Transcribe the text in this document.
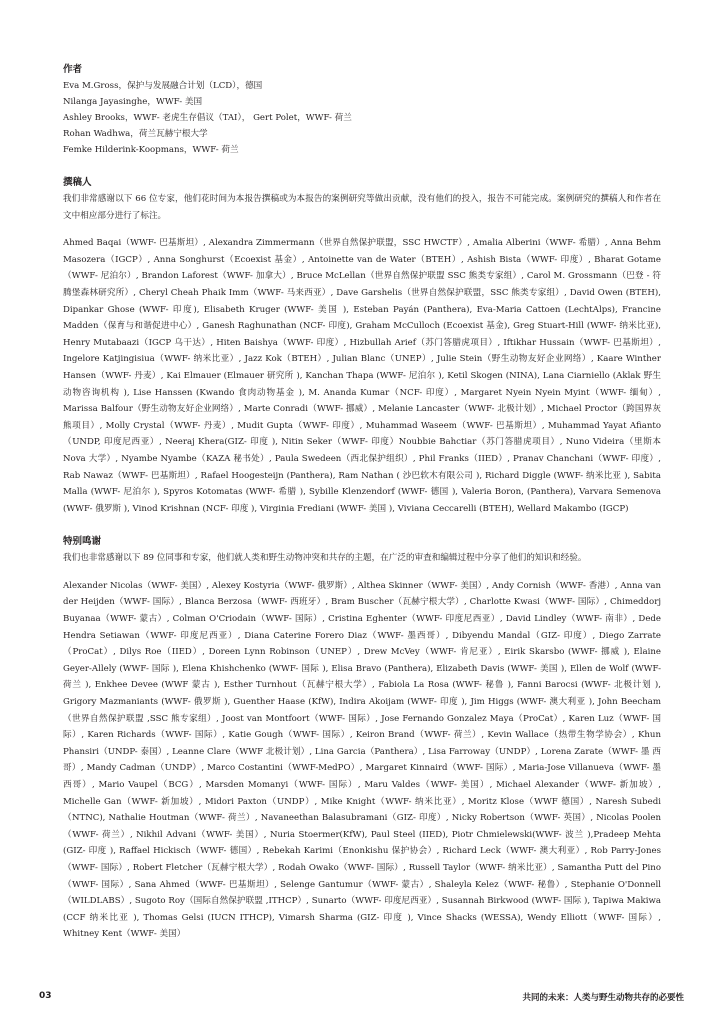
作者

Eva M.Gross，保护与发展融合计划（LCD），德国

Nilanga Jayasinghe，WWF- 美国

Ashley Brooks，WWF- 老虎生存倡议（TAI）， Gert Polet，WWF- 荷兰

Rohan Wadhwa，荷兰瓦赫宁根大学

Femke Hilderink-Koopmans，WWF- 荷兰

撰稿人

我们非常感谢以下 66 位专家，他们花时间为本报告撰稿或为本报告的案例研究等做出贡献，没有他们的投入，报告不可能完成。案例研究的撰稿人和作者在文中相应部分进行了标注。

Ahmed Baqai（WWF- 巴基斯坦）, Alexandra Zimmermann（世界自然保护联盟，SSC HWCTF）, Amalia Alberini（WWF- 希腊）, Anna Behm Masozera（IGCP）, Anna Songhurst（Ecoexist 基金）, Antoinette van de Water（BTEH）, Ashish Bista（WWF- 印度）, Bharat Gotame（WWF- 尼泊尔）, Brandon Laforest（WWF- 加拿大）, Bruce McLellan（世界自然保护联盟 SSC 熊类专家组）, Carol M. Grossmann（巴登 - 符腾堡森林研究所）, Cheryl Cheah Phaik Imm（WWF- 马来西亚）, Dave Garshelis（世界自然保护联盟，SSC 熊类专家组）, David Owen (BTEH), Dipankar Ghose (WWF- 印度), Elisabeth Kruger (WWF- 美国 ), Esteban Payán (Panthera), Eva-Maria Cattoen (LechtAlps), Francine Madden（保育与和谐促进中心）, Ganesh Raghunathan (NCF- 印度), Graham McCulloch (Ecoexist 基金), Greg Stuart-Hill (WWF- 纳米比亚), Henry Mutabaazi（IGCP 乌干达）, Hiten Baishya（WWF- 印度）, Hizbullah Arief（苏门答腊虎项目）, Iftikhar Hussain（WWF- 巴基斯坦）, Ingelore Katjingisiua（WWF- 纳米比亚）, Jazz Kok（BTEH）, Julian Blanc（UNEP）, Julie Stein（野生动物友好企业网络）, Kaare Winther Hansen（WWF- 丹麦）, Kai Elmauer (Elmauer 研究所 ), Kanchan Thapa (WWF- 尼泊尔 ), Ketil Skogen (NINA), Lana Ciarniello (Aklak 野生动物咨询机构 ), Lise Hanssen (Kwando 食肉动物基金 ), M. Ananda Kumar（NCF- 印度）, Margaret Nyein Nyein Myint（WWF- 缅甸）, Marissa Balfour（野生动物友好企业网络）, Marte Conradi（WWF- 挪威）, Melanie Lancaster（WWF- 北极计划）, Michael Proctor（跨国界灰熊项目）, Molly Crystal（WWF- 丹麦）, Mudit Gupta（WWF- 印度）, Muhammad Waseem（WWF- 巴基斯坦）, Muhammad Yayat Afianto（UNDP, 印度尼西亚）, Neeraj Khera(GIZ- 印度 ), Nitin Seker（WWF- 印度）Noubbie Bahctiar（苏门答腊虎项目）, Nuno Videira（里斯本 Nova 大学）, Nyambe Nyambe（KAZA 秘书处）, Paula Swedeen（西北保护组织）, Phil Franks（IIED）, Pranav Chanchani（WWF- 印度）, Rab Nawaz（WWF- 巴基斯坦）, Rafael Hoogesteijn (Panthera), Ram Nathan ( 沙巴软木有限公司 ), Richard Diggle (WWF- 纳米比亚 ), Sabita Malla (WWF- 尼泊尔 ), Spyros Kotomatas (WWF- 希腊 ), Sybille Klenzendorf (WWF- 德国 ), Valeria Boron, (Panthera), Varvara Semenova (WWF- 俄罗斯 ), Vinod Krishnan (NCF- 印度 ), Virginia Frediani (WWF- 美国 ), Viviana Ceccarelli (BTEH), Wellard Makambo (IGCP)

特别鸣谢

我们也非常感谢以下 89 位同事和专家，他们就人类和野生动物冲突和共存的主题，在广泛的审査和编辑过程中分享了他们的知识和经验。

Alexander Nicolas（WWF- 美国）, Alexey Kostyria（WWF- 俄罗斯）, Althea Skinner（WWF- 美国）, Andy Cornish（WWF- 香港）, Anna van der Heijden（WWF- 国际）, Blanca Berzosa（WWF- 西班牙）, Bram Buscher（瓦赫宁根大学）, Charlotte Kwasi（WWF- 国际）, Chimeddorj Buyanaa（WWF- 蒙古）, Colman O'Criodain（WWF- 国际）, Cristina Eghenter（WWF- 印度尼西亚）, David Lindley（WWF- 南非）, Dede Hendra Setiawan（WWF- 印度尼西亚）, Diana Caterine Forero Diaz（WWF- 墨西哥）, Dibyendu Mandal（GIZ- 印度）, Diego Zarrate（ProCat）, Dilys Roe（IIED）, Doreen Lynn Robinson（UNEP）, Drew McVey（WWF- 肯尼亚）, Eirik Skarsbo (WWF- 挪威 ), Elaine Geyer-Allely (WWF- 国际 ), Elena Khishchenko (WWF- 国际 ), Elisa Bravo (Panthera), Elizabeth Davis (WWF- 美国 ), Ellen de Wolf (WWF- 荷兰 ), Enkhee Devee (WWF 蒙古 ), Esther Turnhout（瓦赫宁根大学）, Fabiola La Rosa (WWF- 秘鲁 ), Fanni Barocsi (WWF- 北极计划 ), Grigory Mazmaniants (WWF- 俄罗斯 ), Guenther Haase (KfW), Indira Akoijam (WWF- 印度 ), Jim Higgs (WWF- 澳大利亚 ), John Beecham（世界自然保护联盟 ,SSC 熊专家组）, Joost van Montfoort（WWF- 国际）, Jose Fernando Gonzalez Maya（ProCat）, Karen Luz（WWF- 国际）, Karen Richards（WWF- 国际）, Katie Gough（WWF- 国际）, Keiron Brand（WWF- 荷兰）, Kevin Wallace（热带生物学协会）, Khun Phansiri（UNDP- 泰国）, Leanne Clare（WWF 北极计划）, Lina Garcia（Panthera）, Lisa Farroway（UNDP）, Lorena Zarate（WWF- 墨 西 哥）, Mandy Cadman（UNDP）, Marco Costantini（WWF-MedPO）, Margaret Kinnaird（WWF- 国际）, Maria-Jose Villanueva（WWF- 墨西哥）, Mario Vaupel（BCG）, Marsden Momanyi（WWF- 国际）, Maru Valdes（WWF- 美国）, Michael Alexander（WWF- 新加坡）, Michelle Gan（WWF- 新加坡）, Midori Paxton（UNDP）, Mike Knight（WWF- 纳米比亚）, Moritz Klose（WWF 德国）, Naresh Subedi（NTNC), Nathalie Houtman（WWF- 荷兰）, Navaneethan Balasubramani（GIZ- 印度）, Nicky Robertson（WWF- 英国）, Nicolas Poolen（WWF- 荷兰）, Nikhil Advani（WWF- 美国）, Nuria Stoermer(KfW), Paul Steel (IIED), Piotr Chmielewski(WWF- 波兰 ),Pradeep Mehta (GIZ- 印度 ), Raffael Hickisch（WWF- 德国）, Rebekah Karimi（Enonkishu 保护协会）, Richard Leck（WWF- 澳大利亚）, Rob Parry-Jones（WWF- 国际）, Robert Fletcher（瓦赫宁根大学）, Rodah Owako（WWF- 国际）, Russell Taylor（WWF- 纳米比亚）, Samantha Putt del Pino（WWF- 国际）, Sana Ahmed（WWF- 巴基斯坦）, Selenge Gantumur（WWF- 蒙古）, Shaleyla Kelez（WWF- 秘鲁）, Stephanie O'Donnell（WILDLABS）, Sugoto Roy（国际自然保护联盟 ,ITHCP）, Sunarto（WWF- 印度尼西亚）, Susannah Birkwood (WWF- 国际 ), Tapiwa Makiwa (CCF 纳米比亚 ), Thomas Gelsi (IUCN ITHCP), Vimarsh Sharma (GIZ- 印度 ), Vince Shacks (WESSA), Wendy Elliott（WWF- 国际）, Whitney Kent（WWF- 美国）

03	共同的未来：人类与野生动物共存的必要性
